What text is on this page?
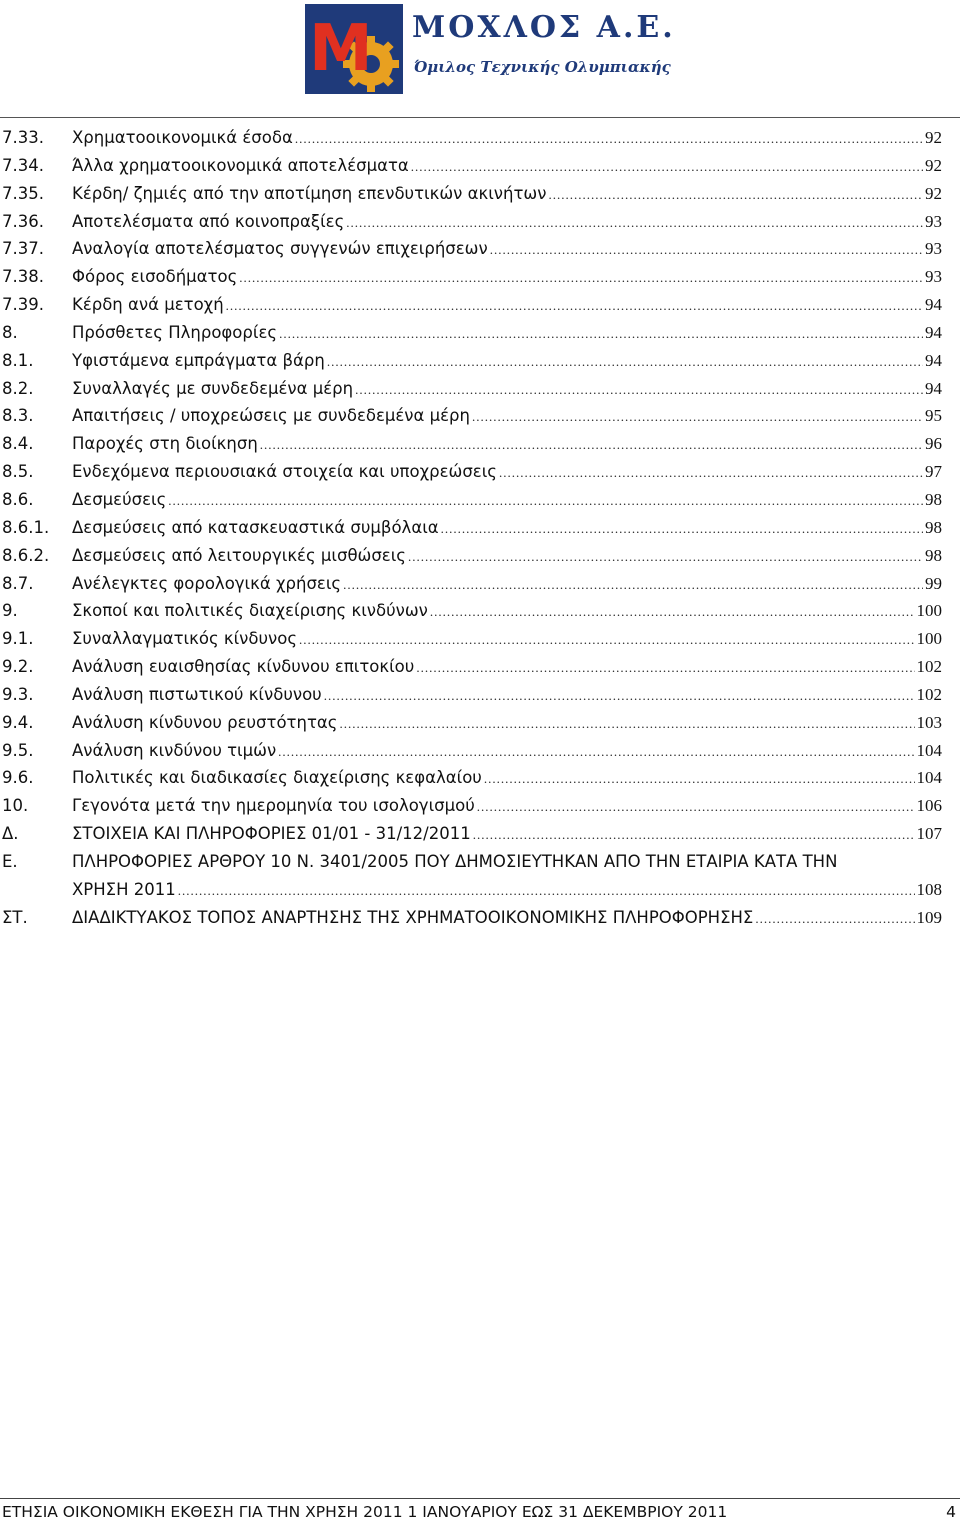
M ΜΟΧΛΟΣ Α.Ε.
Όμιλος Τεχνικής Ολυμπιακής
7.33. Χρηματοοικονομικά έσοδα .....	92
7.34. Άλλα χρηματοοικονομικά αποτελέσματα .....	92
7.35. Κέρδη/ ζημιές από την αποτίμηση επενδυτικών ακινήτων .....	92
7.36. Αποτελέσματα από κοινοπραξίες .....	93
7.37. Αναλογία αποτελέσματος συγγενών επιχειρήσεων .....	93
7.38. Φόρος εισοδήματος .....	93
7.39. Κέρδη ανά μετοχή .....	94
8.	Πρόσθετες Πληροφορίες .....	94
8.1. Υφιστάμενα εμπράγματα βάρη .....	94
8.2. Συναλλαγές με συνδεδεμένα μέρη .....	94
8.3. Απαιτήσεις / υποχρεώσεις με συνδεδεμένα μέρη .....	95
8.4. Παροχές στη διοίκηση .....	96
8.5. Ενδεχόμενα περιουσιακά στοιχεία και υποχρεώσεις .....	97
8.6. Δεσμεύσεις .....	98
8.6.1. Δεσμεύσεις από κατασκευαστικά συμβόλαια .....	98
8.6.2. Δεσμεύσεις από λειτουργικές μισθώσεις .....	98
8.7. Ανέλεγκτες φορολογικά χρήσεις .....	99
9.	Σκοποί και πολιτικές διαχείρισης κινδύνων .....	100
9.1. Συναλλαγματικός κίνδυνος .....	100
9.2. Ανάλυση ευαισθησίας κίνδυνου επιτοκίου .....	102
9.3. Ανάλυση πιστωτικού κίνδυνου .....	102
9.4. Ανάλυση κίνδυνου ρευστότητας .....	103
9.5. Ανάλυση κινδύνου τιμών .....	104
9.6. Πολιτικές και διαδικασίες διαχείρισης κεφαλαίου .....	104
10.	Γεγονότα μετά την ημερομηνία του ισολογισμού .....	106
Δ.	ΣΤΟΙΧΕΙΑ ΚΑΙ ΠΛΗΡΟΦΟΡΙΕΣ 01/01 - 31/12/2011 .....	107
Ε.	ΠΛΗΡΟΦΟΡΙΕΣ ΑΡΘΡΟΥ 10 Ν. 3401/2005 ΠΟΥ ΔΗΜΟΣΙΕΥΤΗΚΑΝ ΑΠΟ ΤΗΝ ΕΤΑΙΡΙΑ ΚΑΤΑ ΤΗΝ
ΧΡΗΣΗ 2011 .....	108
ΣΤ.	ΔΙΑΔΙΚΤΥΑΚΟΣ ΤΟΠΟΣ ΑΝΑΡΤΗΣΗΣ ΤΗΣ ΧΡΗΜΑΤΟΟΙΚΟΝΟΜΙΚΗΣ ΠΛΗΡΟΦΟΡΗΣΗΣ .....	109
ΕΤΗΣΙΑ ΟΙΚΟΝΟΜΙΚΗ ΕΚΘΕΣΗ ΓΙΑ ΤΗΝ ΧΡΗΣΗ 2011 1 ΙΑΝΟΥΑΡΙΟΥ ΕΩΣ 31 ΔΕΚΕΜΒΡΙΟΥ 2011	4
